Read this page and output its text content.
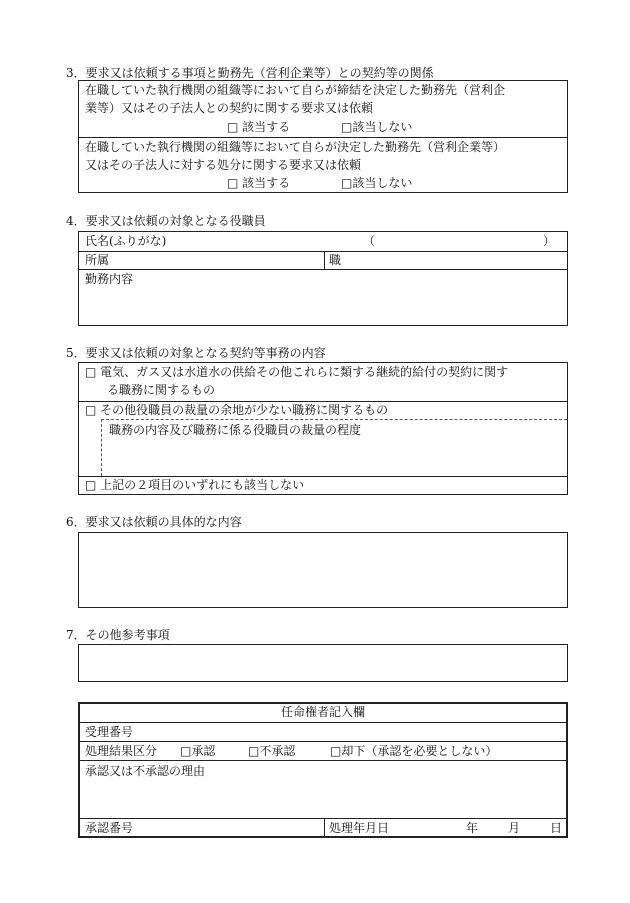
3．要求又は依頼する事項と勤務先（営利企業等）との契約等の関係
在職していた執行機関の組織等において自らが締結を決定した勤務先（営利企
業等）又はその子法人との契約に関する要求又は依頼
□ 該当する	□該当しない
在職していた執行機関の組織等において自らが決定した勤務先（営利企業等）
又はその子法人に対する処分に関する要求又は依頼
□ 該当する	□該当しない
4．要求又は依頼の対象となる役職員
氏名(ふりがな)	（	）
所属	職
勤務内容
5．要求又は依頼の対象となる契約等事務の内容
□ 電気、ガス又は水道水の供給その他これらに類する継続的給付の契約に関す
る職務に関するもの
□ その他役職員の裁量の余地が少ない職務に関するもの
職務の内容及び職務に係る役職員の裁量の程度
□ 上記の２項目のいずれにも該当しない
6．要求又は依頼の具体的な内容
7．その他参考事項
任命権者記入欄
受理番号
処理結果区分 □承認	□不承認	□却下（承認を必要としない）
承認又は不承認の理由
承認番号	処理年月日	年 月 日
